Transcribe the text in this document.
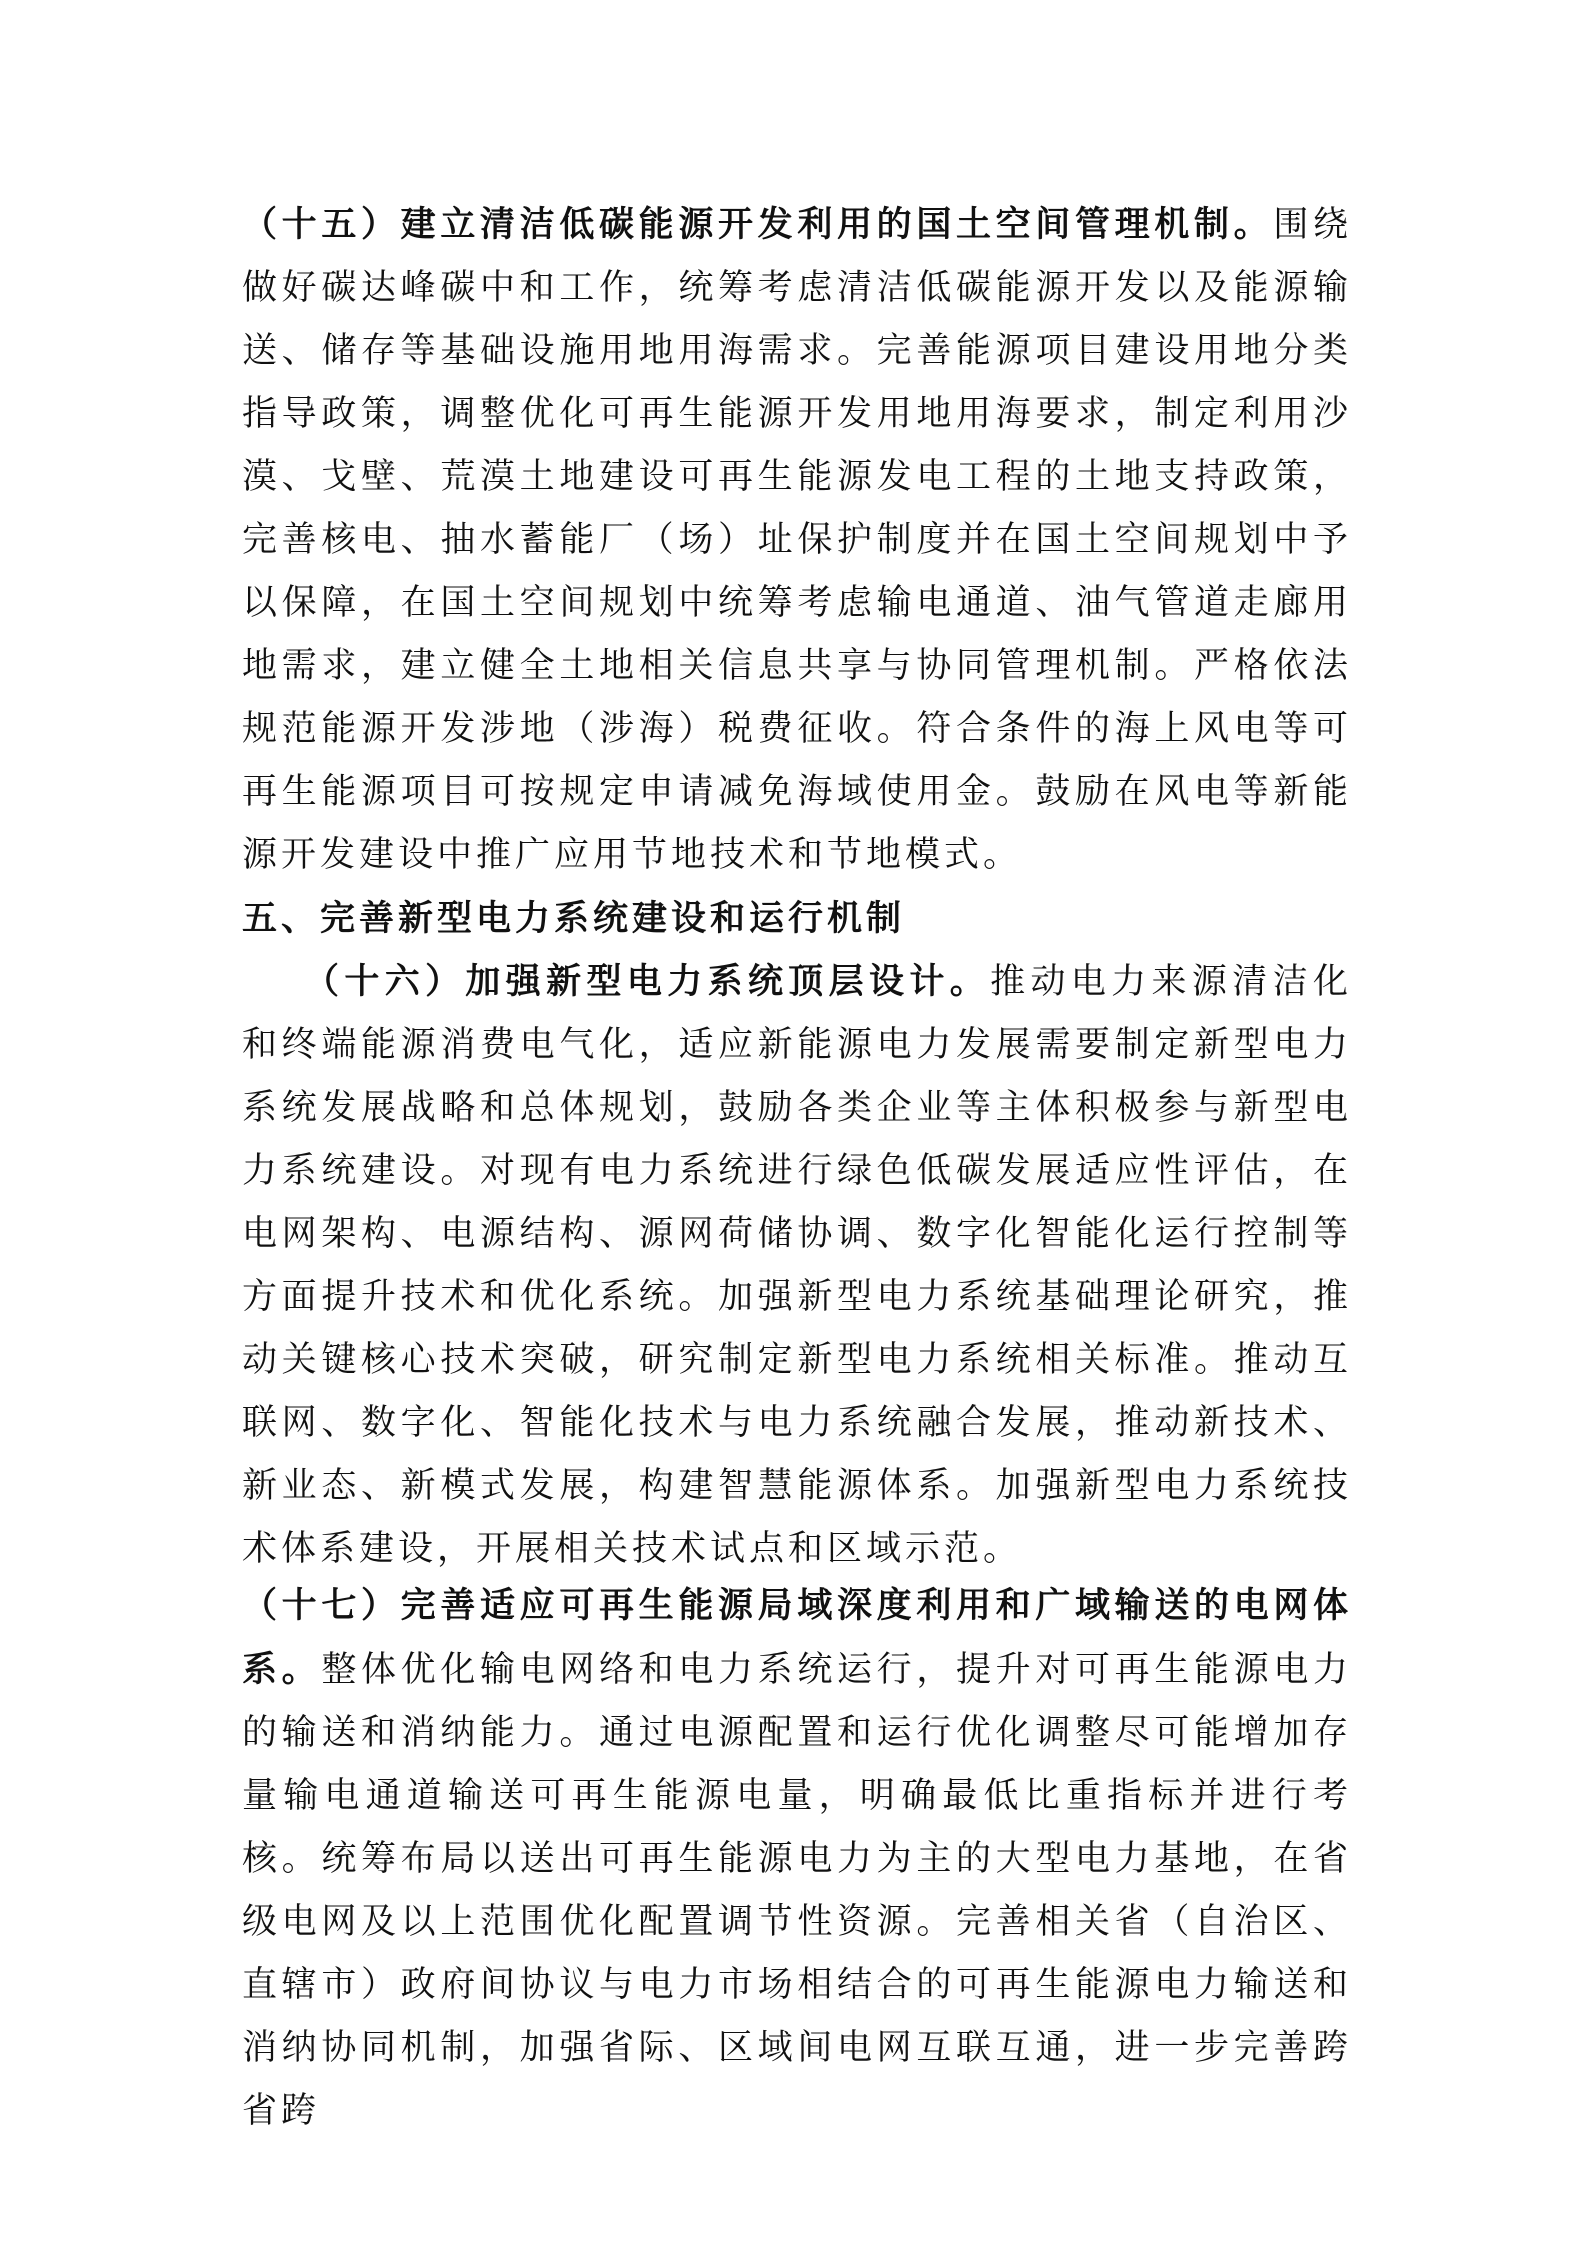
（十五）建立清洁低碳能源开发利用的国土空间管理机制。围绕做好碳达峰碳中和工作，统筹考虑清洁低碳能源开发以及能源输送、储存等基础设施用地用海需求。完善能源项目建设用地分类指导政策，调整优化可再生能源开发用地用海要求，制定利用沙漠、戈壁、荒漠土地建设可再生能源发电工程的土地支持政策，完善核电、抽水蓄能厂（场）址保护制度并在国土空间规划中予以保障，在国土空间规划中统筹考虑输电通道、油气管道走廊用地需求，建立健全土地相关信息共享与协同管理机制。严格依法规范能源开发涉地（涉海）税费征收。符合条件的海上风电等可再生能源项目可按规定申请减免海域使用金。鼓励在风电等新能源开发建设中推广应用节地技术和节地模式。
五、完善新型电力系统建设和运行机制
（十六）加强新型电力系统顶层设计。推动电力来源清洁化和终端能源消费电气化，适应新能源电力发展需要制定新型电力系统发展战略和总体规划，鼓励各类企业等主体积极参与新型电力系统建设。对现有电力系统进行绿色低碳发展适应性评估，在电网架构、电源结构、源网荷储协调、数字化智能化运行控制等方面提升技术和优化系统。加强新型电力系统基础理论研究，推动关键核心技术突破，研究制定新型电力系统相关标准。推动互联网、数字化、智能化技术与电力系统融合发展，推动新技术、新业态、新模式发展，构建智慧能源体系。加强新型电力系统技术体系建设，开展相关技术试点和区域示范。
（十七）完善适应可再生能源局域深度利用和广域输送的电网体系。整体优化输电网络和电力系统运行，提升对可再生能源电力的输送和消纳能力。通过电源配置和运行优化调整尽可能增加存量输电通道输送可再生能源电量，明确最低比重指标并进行考核。统筹布局以送出可再生能源电力为主的大型电力基地，在省级电网及以上范围优化配置调节性资源。完善相关省（自治区、直辖市）政府间协议与电力市场相结合的可再生能源电力输送和消纳协同机制，加强省际、区域间电网互联互通，进一步完善跨省跨
